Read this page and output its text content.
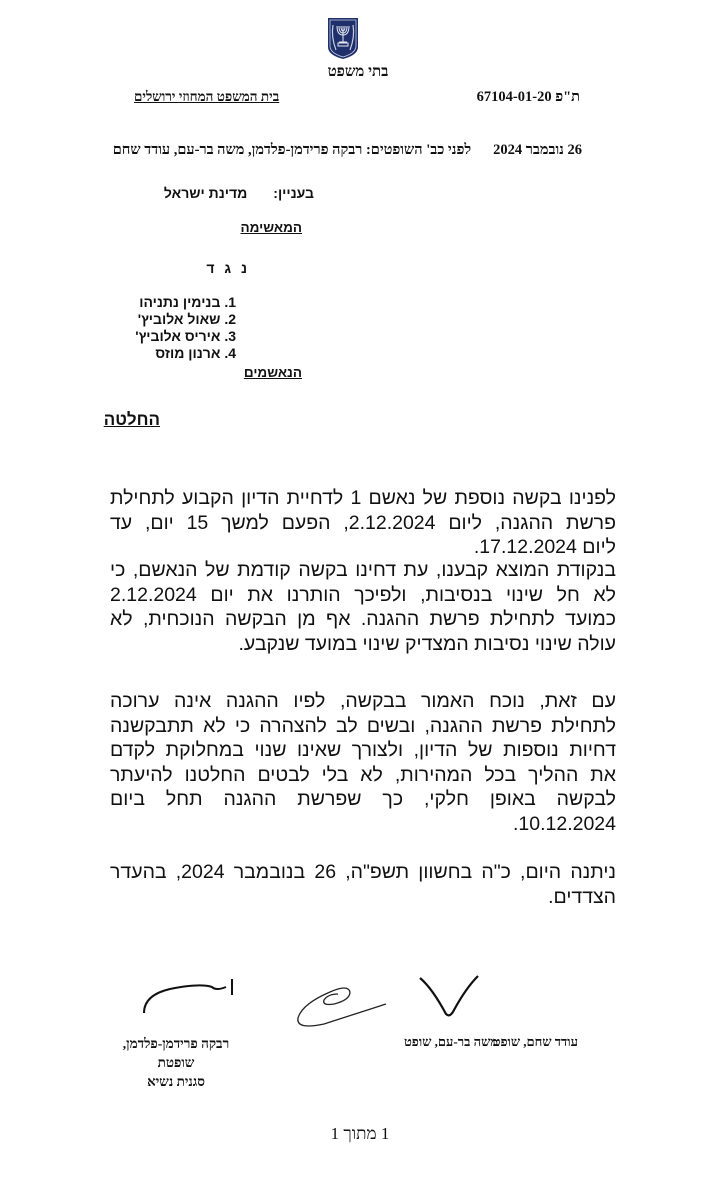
בתי משפט
ת"פ 67104-01-20
בית המשפט המחוזי ירושלים
26 נובמבר 2024לפני כב' השופטים: רבקה פרידמן-פלדמן, משה בר-עם, עודד שחם
בעניין:מדינת ישראל
המאשימה
נ ג ד
1. בנימין נתניהו
2. שאול אלוביץ'
3. איריס אלוביץ'
4. ארנון מוזס
הנאשמים
החלטה
לפנינו בקשה נוספת של נאשם 1 לדחיית הדיון הקבוע לתחילת
פרשת ההגנה, ליום 2.12.2024, הפעם למשך 15 יום, עד
ליום 17.12.2024.
בנקודת המוצא קבענו, עת דחינו בקשה קודמת של הנאשם, כי
לא חל שינוי בנסיבות, ולפיכך הותרנו את יום 2.12.2024
כמועד לתחילת פרשת ההגנה. אף מן הבקשה הנוכחית, לא
עולה שינוי נסיבות המצדיק שינוי במועד שנקבע.
עם זאת, נוכח האמור בבקשה, לפיו ההגנה אינה ערוכה
לתחילת פרשת ההגנה, ובשים לב להצהרה כי לא תתבקשנה
דחיות נוספות של הדיון, ולצורך שאינו שנוי במחלוקת לקדם
את ההליך בכל המהירות, לא בלי לבטים החלטנו להיעתר
לבקשה באופן חלקי, כך שפרשת ההגנה תחל ביום
10.12.2024.
ניתנה היום, כ"ה בחשוון תשפ"ה, 26 בנובמבר 2024, בהעדר
הצדדים.
רבקה פרידמן-פלדמן,
שופטת
סגנית נשיא
משה בר-עם, שופט
עודד שחם, שופט
1 מתוך 1
